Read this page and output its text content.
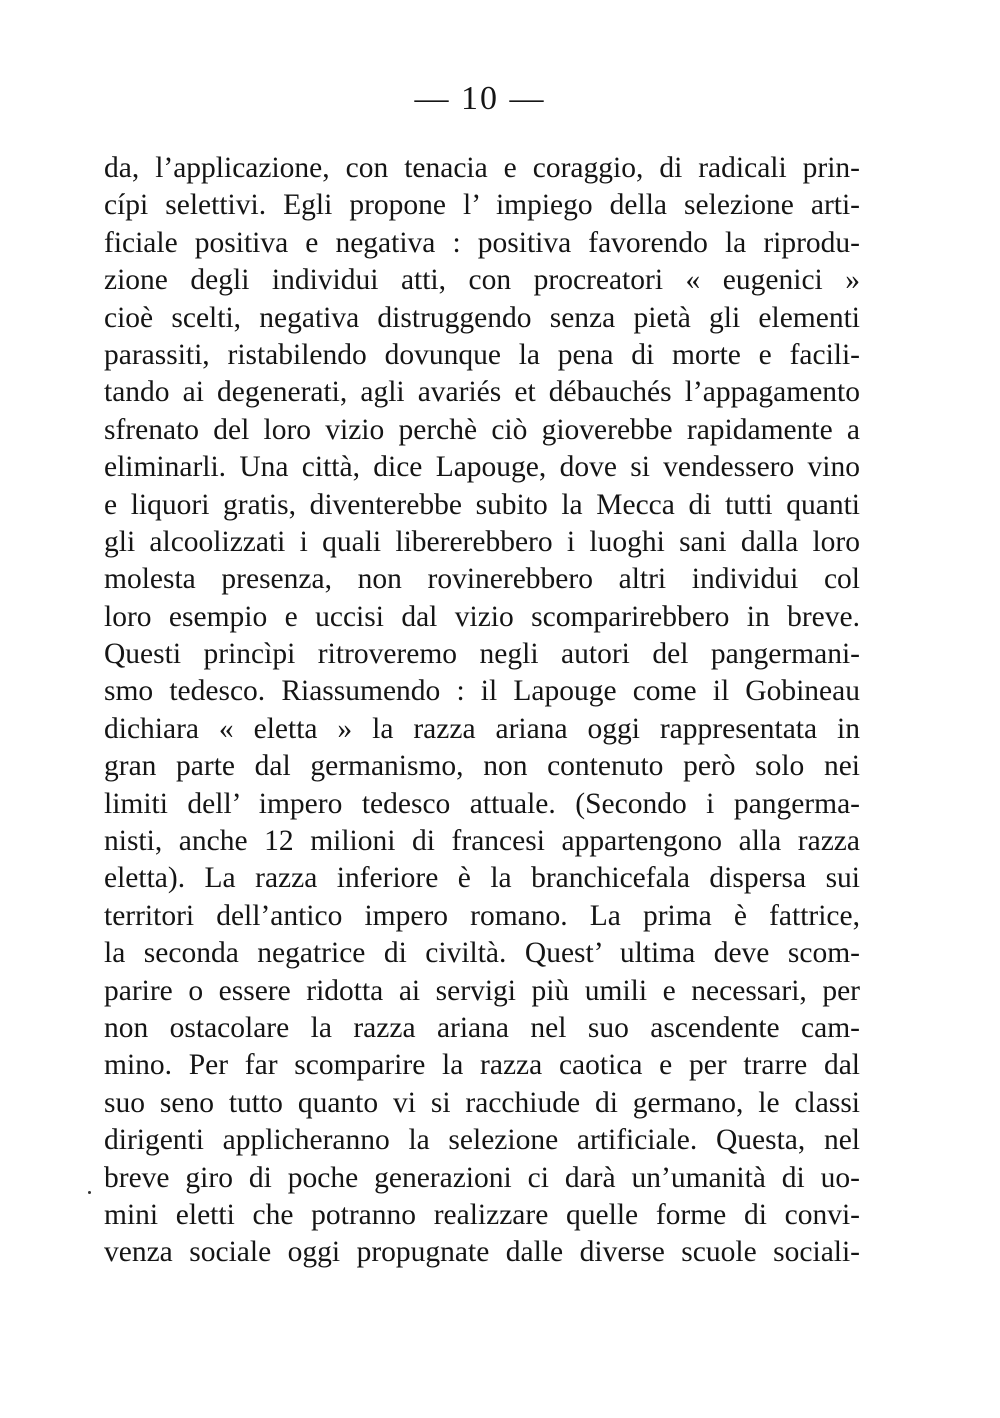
— 10 —
da, l’applicazione, con tenacia e coraggio, di radicali prin-
cípi selettivi. Egli propone l’ impiego della selezione arti-
ficiale positiva e negativa : positiva favorendo la riprodu-
zione degli individui atti, con procreatori « eugenici »
cioè scelti, negativa distruggendo senza pietà gli elementi
parassiti, ristabilendo dovunque la pena di morte e facili-
tando ai degenerati, agli avariés et débauchés l’appagamento
sfrenato del loro vizio perchè ciò gioverebbe rapidamente a
eliminarli. Una città, dice Lapouge, dove si vendessero vino
e liquori gratis, diventerebbe subito la Mecca di tutti quanti
gli alcoolizzati i quali libererebbero i luoghi sani dalla loro
molesta presenza, non rovinerebbero altri individui col
loro esempio e uccisi dal vizio scomparirebbero in breve.
Questi princìpi ritroveremo negli autori del pangermani-
smo tedesco. Riassumendo : il Lapouge come il Gobineau
dichiara « eletta » la razza ariana oggi rappresentata in
gran parte dal germanismo, non contenuto però solo nei
limiti dell’ impero tedesco attuale. (Secondo i pangerma-
nisti, anche 12 milioni di francesi appartengono alla razza
eletta). La razza inferiore è la branchicefala dispersa sui
territori dell’antico impero romano. La prima è fattrice,
la seconda negatrice di civiltà. Quest’ ultima deve scom-
parire o essere ridotta ai servigi più umili e necessari, per
non ostacolare la razza ariana nel suo ascendente cam-
mino. Per far scomparire la razza caotica e per trarre dal
suo seno tutto quanto vi si racchiude di germano, le classi
dirigenti applicheranno la selezione artificiale. Questa, nel
breve giro di poche generazioni ci darà un’umanità di uo-
mini eletti che potranno realizzare quelle forme di convi-
venza sociale oggi propugnate dalle diverse scuole sociali-
